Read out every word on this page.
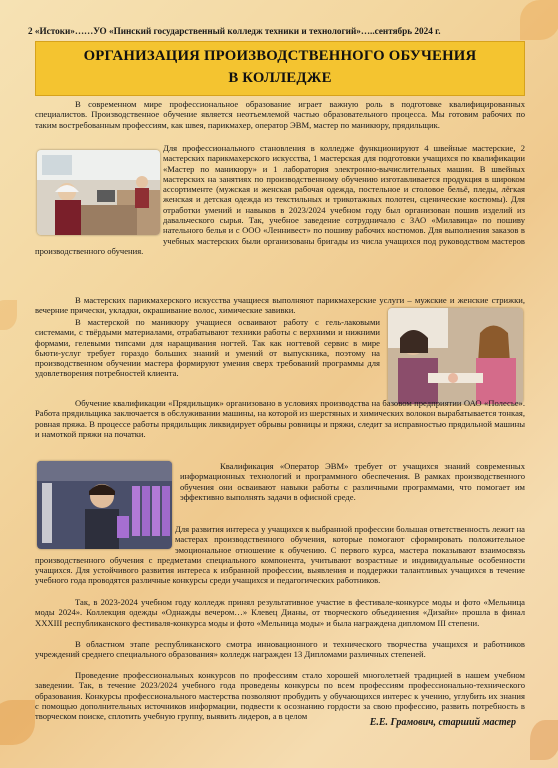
2 «Истоки»……УО «Пинский государственный колледж техники и технологий»…..сентябрь 2024 г.
ОРГАНИЗАЦИЯ ПРОИЗВОДСТВЕННОГО ОБУЧЕНИЯ
В КОЛЛЕДЖЕ
В современном мире профессиональное образование играет важную роль в подготовке квалифицированных специалистов. Производственное обучение является неотъемлемой частью образовательного процесса. Мы готовим рабочих по таким востребованным профессиям, как швея, парикмахер, оператор ЭВМ, мастер по маникюру, прядильщик.
Для профессионального становления в колледже функционируют 4 швейные мастерские, 2 мастерских парикмахерского искусства, 1 мастерская для подготовки учащихся по квалификации «Мастер по маникюру» и 1 лаборатория электронно-вычислительных машин. В швейных мастерских на занятиях по производственному обучению изготавливается продукция в широком ассортименте (мужская и женская рабочая одежда, постельное и столовое бельё, пледы, лёгкая женская и детская одежда из текстильных и трикотажных полотен, сценические костюмы). Для отработки умений и навыков в 2023/2024 учебном году был организован пошив изделий из давальческого сырья. Так, учебное заведение сотрудничало с ЗАО «Милавица» по пошиву нательного белья и с ООО «Леннивест» по пошиву рабочих костюмов. Для выполнения заказов в учебных мастерских были организованы бригады из числа учащихся под руководством мастеров производственного обучения.
В мастерских парикмахерского искусства учащиеся выполняют парикмахерские услуги – мужские и женские стрижки, вечерние прически, укладки, окрашивание волос, химические завивки.
В мастерской по маникюру учащиеся осваивают работу с гель-лаковыми системами, с твёрдыми материалами, отрабатывают техники работы с верхними и нижними формами, гелевыми типсами для наращивания ногтей. Так как ногтевой сервис в мире бьюти-услуг требует гораздо больших знаний и умений от выпускника, поэтому на производственном обучении мастера формируют умения сверх требований программы для удовлетворения потребностей клиента.
Обучение квалификации «Прядильщик» организовано в условиях производства на базовом предприятии ОАО «Полесье». Работа прядильщика заключается в обслуживании машины, на которой из шерстяных и химических волокон вырабатывается тонкая, ровная пряжа. В процессе работы прядильщик ликвидирует обрывы ровницы и пряжи, следит за исправностью прядильной машины и намоткой пряжи на початки.
Квалификация «Оператор ЭВМ» требует от учащихся знаний современных информационных технологий и программного обеспечения. В рамках производственного обучения они осваивают навыки работы с различными программами, что помогает им эффективно выполнять задачи в офисной среде.
Для развития интереса у учащихся к выбранной профессии большая ответственность лежит на мастерах производственного обучения, которые помогают сформировать положительное эмоциональное отношение к обучению. С первого курса, мастера показывают взаимосвязь производственного обучения с предметами специального компонента, учитывают возрастные и индивидуальные особенности учащихся. Для устойчивого развития интереса к избранной профессии, выявления и поддержки талантливых учащихся в течение учебного года проводятся различные конкурсы среди учащихся и педагогических работников.
Так, в 2023-2024 учебном году колледж принял результативное участие в фестивале-конкурсе моды и фото «Мельница моды 2024». Коллекция одежды «Однажды вечером…» Клевец Дианы, от творческого объединения «Дизайн» прошла в финал XXXIII республиканского фестиваля-конкурса моды и фото «Мельница моды» и была награждена дипломом III степени.
В областном этапе республиканского смотра инновационного и технического творчества учащихся и работников учреждений среднего специального образования» колледж награжден 13 Дипломами различных степеней.
Проведение профессиональных конкурсов по профессиям стало хорошей многолетней традицией в нашем учебном заведении. Так, в течение 2023/2024 учебного года проведены конкурсы по всем профессиям профессионально-технического образования. Конкурсы профессионального мастерства позволяют пробудить у обучающихся интерес к учению, углубить их знания с помощью дополнительных источников информации, подвести к осознанию гордости за свою профессию, развить потребность в творческом поиске, сплотить учебную группу, выявить лидеров, а в целом
Е.Е. Грамович, старший мастер
